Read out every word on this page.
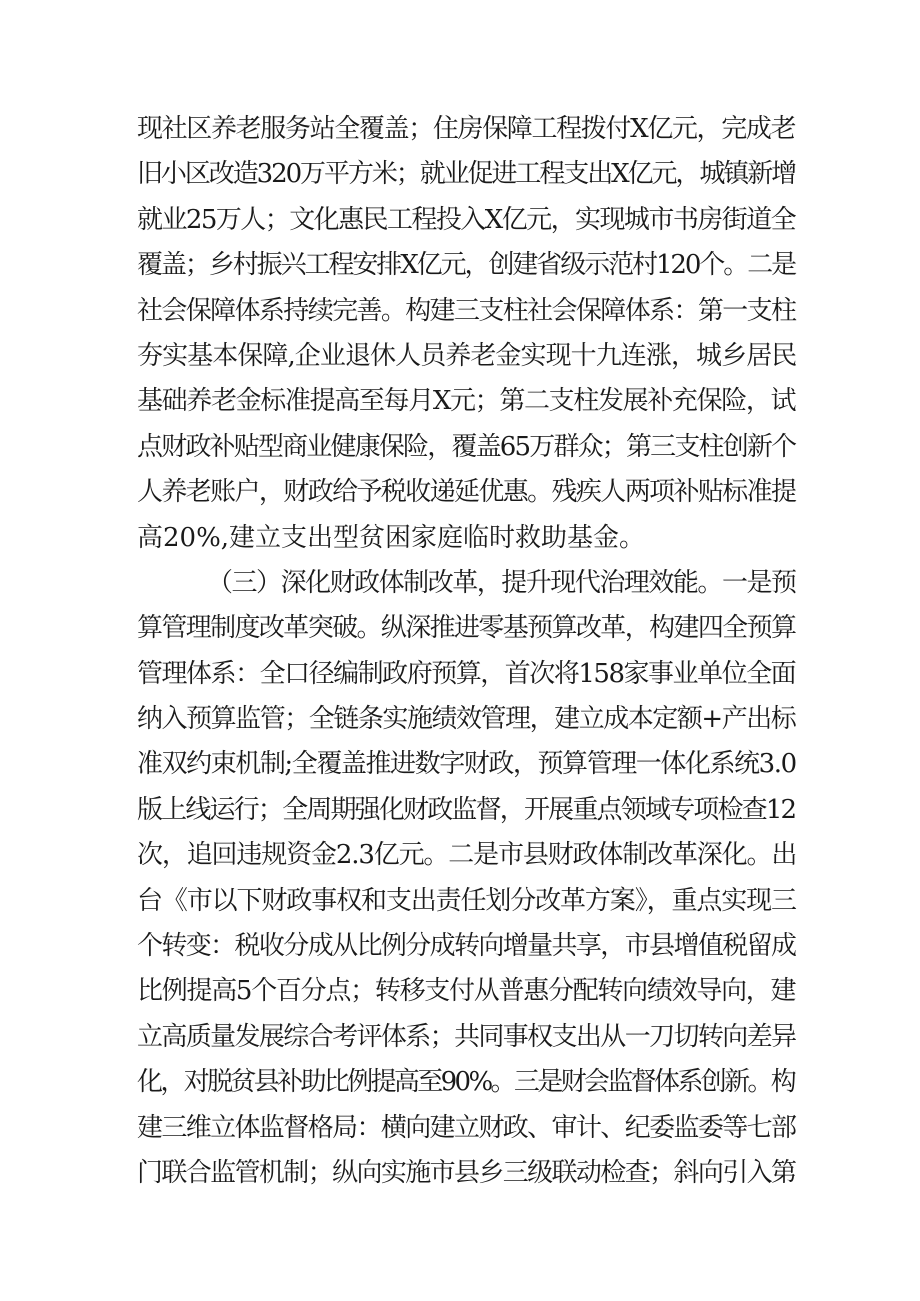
现社区养老服务站全覆盖；住房保障工程拨付X亿元，完成老
旧小区改造320万平方米；就业促进工程支出X亿元，城镇新增
就业25万人；文化惠民工程投入X亿元，实现城市书房街道全
覆盖；乡村振兴工程安排X亿元，创建省级示范村120个。二是
社会保障体系持续完善。构建三支柱社会保障体系：第一支柱
夯实基本保障,企业退休人员养老金实现十九连涨，城乡居民
基础养老金标准提高至每月X元；第二支柱发展补充保险，试
点财政补贴型商业健康保险，覆盖65万群众；第三支柱创新个
人养老账户，财政给予税收递延优惠。残疾人两项补贴标准提
高20%,建立支出型贫困家庭临时救助基金。
（三）深化财政体制改革，提升现代治理效能。一是预
算管理制度改革突破。纵深推进零基预算改革，构建四全预算
管理体系：全口径编制政府预算，首次将158家事业单位全面
纳入预算监管；全链条实施绩效管理，建立成本定额+产出标
准双约束机制;全覆盖推进数字财政，预算管理一体化系统3.0
版上线运行；全周期强化财政监督，开展重点领域专项检查12
次，追回违规资金2.3亿元。二是市县财政体制改革深化。出
台《市以下财政事权和支出责任划分改革方案》，重点实现三
个转变：税收分成从比例分成转向增量共享，市县增值税留成
比例提高5个百分点；转移支付从普惠分配转向绩效导向，建
立高质量发展综合考评体系；共同事权支出从一刀切转向差异
化，对脱贫县补助比例提高至90%。三是财会监督体系创新。构
建三维立体监督格局：横向建立财政、审计、纪委监委等七部
门联合监管机制；纵向实施市县乡三级联动检查；斜向引入第
